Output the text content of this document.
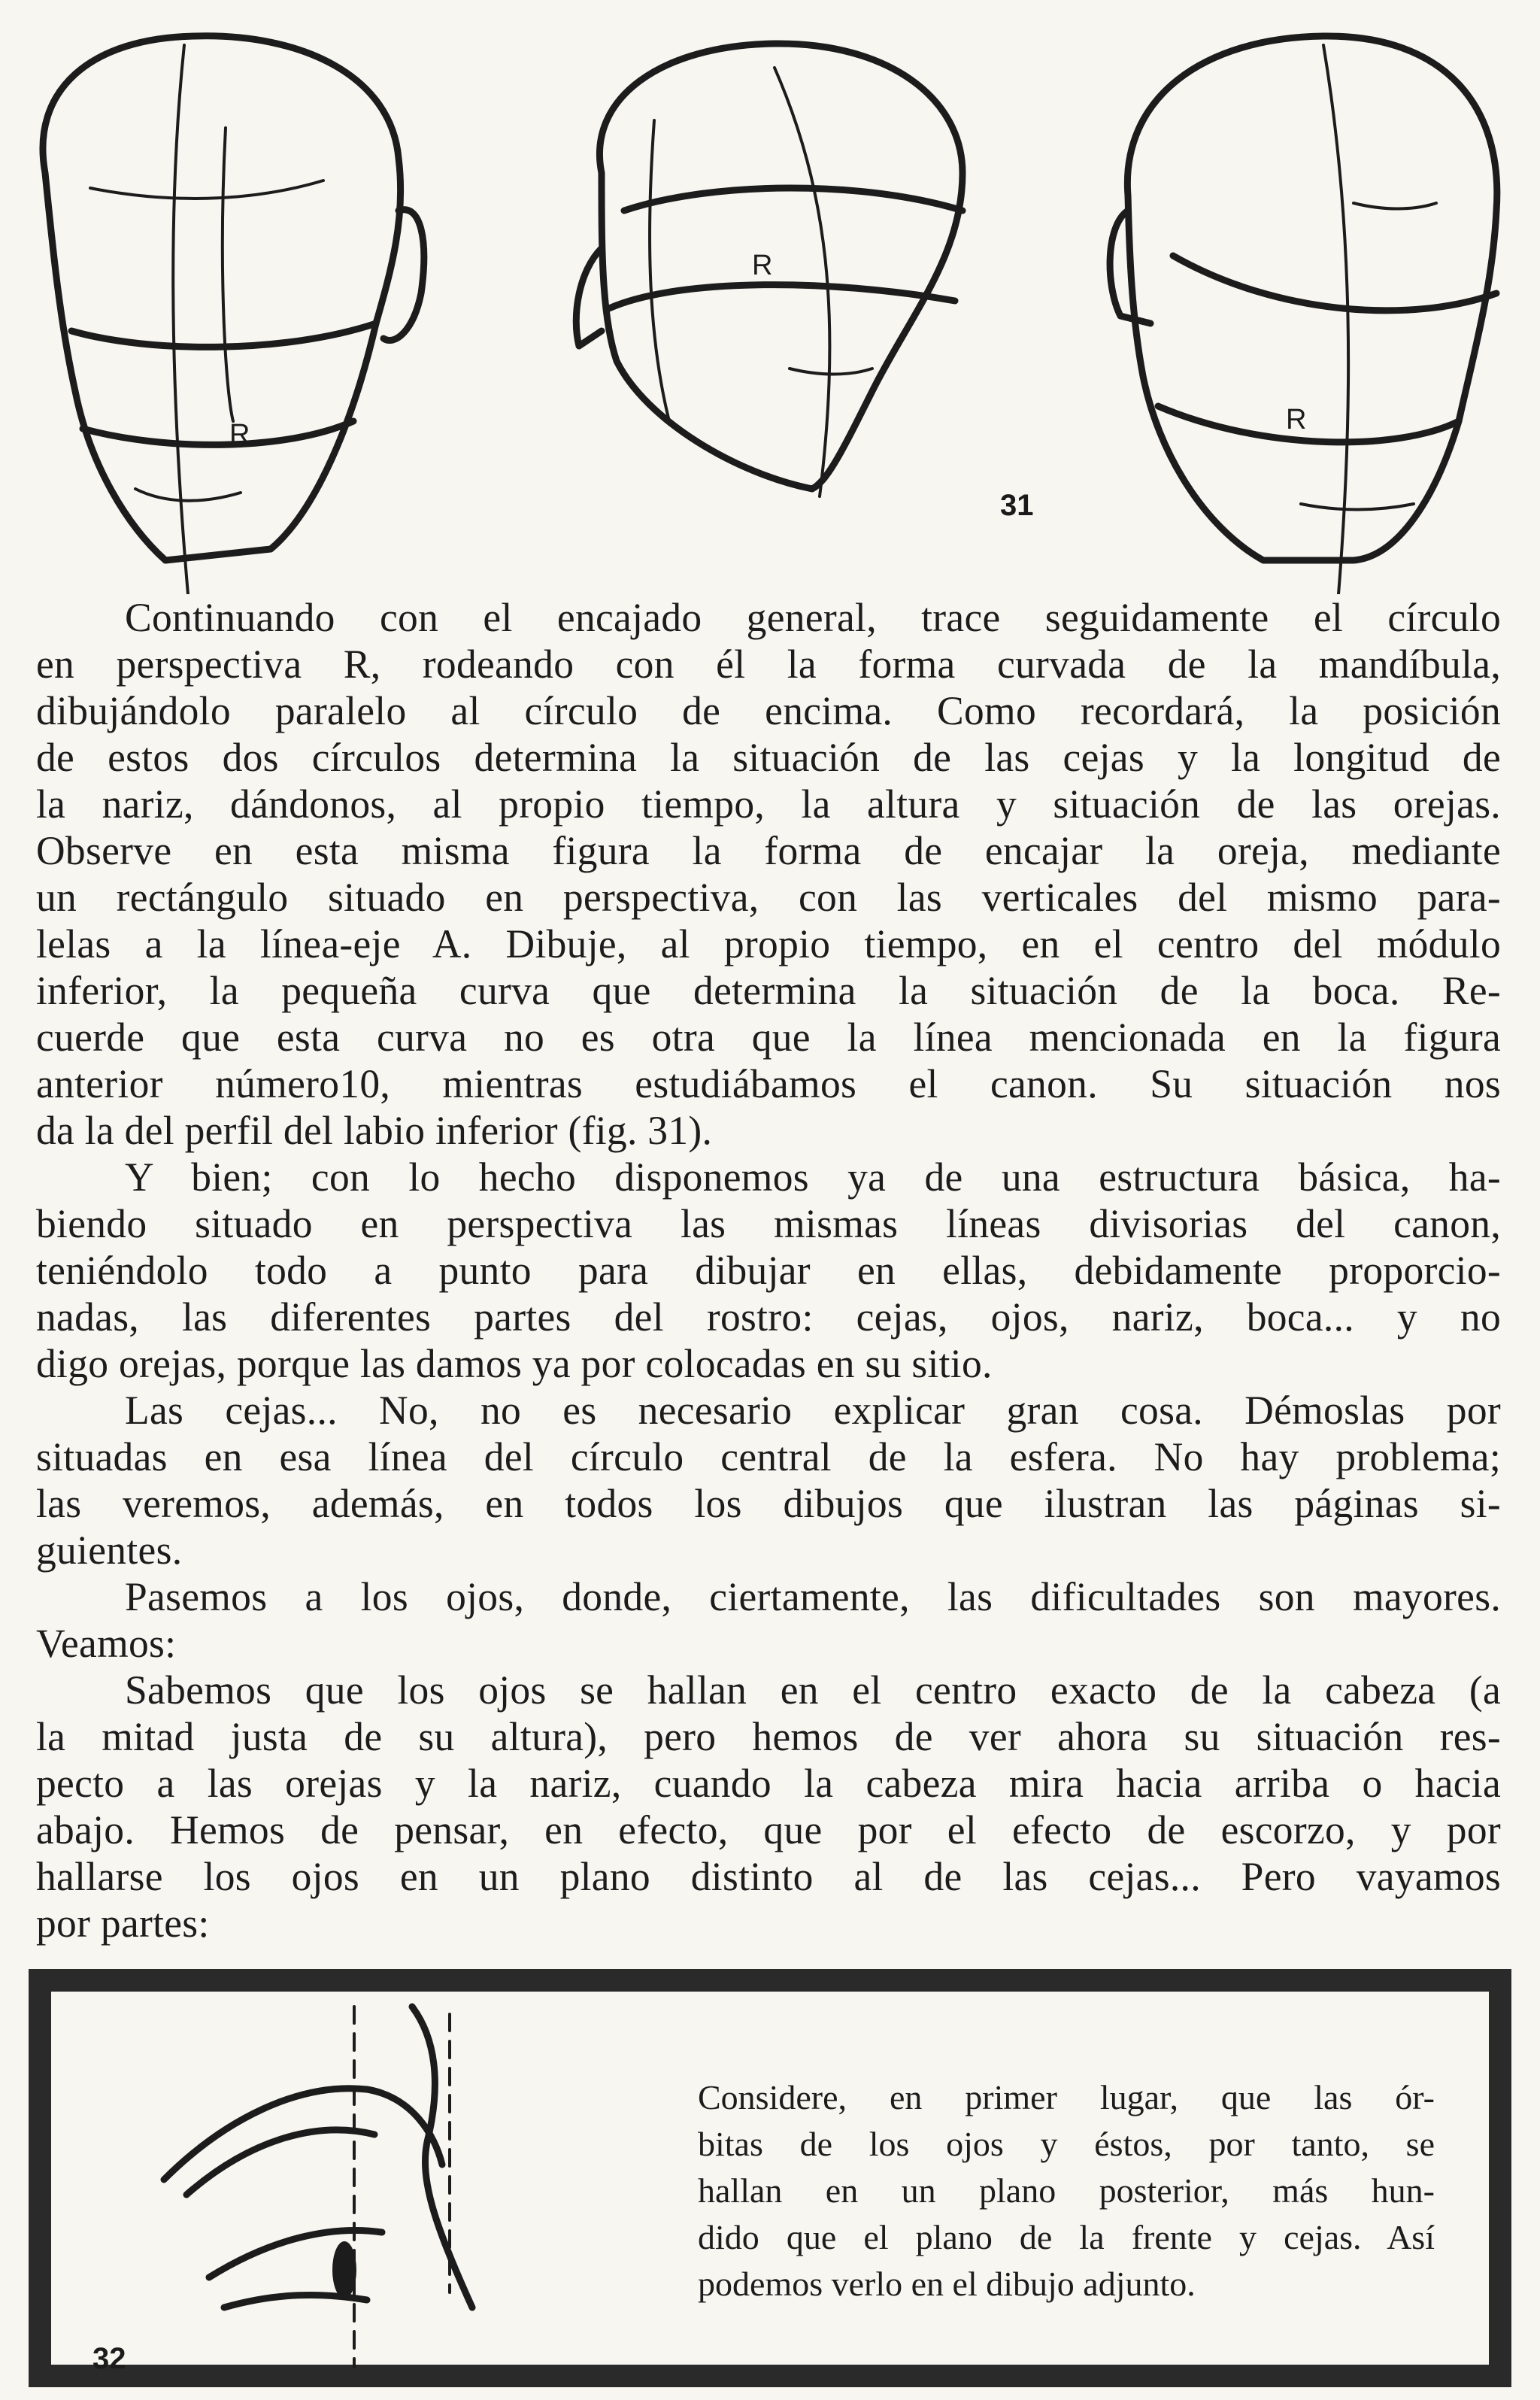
R
R
R
31

Continuando con el encajado general, trace seguidamente el círculo
en perspectiva R, rodeando con él la forma curvada de la mandíbula,
dibujándolo paralelo al círculo de encima. Como recordará, la posición
de estos dos círculos determina la situación de las cejas y la longitud de
la nariz, dándonos, al propio tiempo, la altura y situación de las orejas.
Observe en esta misma figura la forma de encajar la oreja, mediante
un rectángulo situado en perspectiva, con las verticales del mismo para-
lelas a la línea-eje A. Dibuje, al propio tiempo, en el centro del módulo
inferior, la pequeña curva que determina la situación de la boca. Re-
cuerde que esta curva no es otra que la línea mencionada en la figura
anterior número10, mientras estudiábamos el canon. Su situación nos
da la del perfil del labio inferior (fig. 31).

Y bien; con lo hecho disponemos ya de una estructura básica, ha-
biendo situado en perspectiva las mismas líneas divisorias del canon,
teniéndolo todo a punto para dibujar en ellas, debidamente proporcio-
nadas, las diferentes partes del rostro: cejas, ojos, nariz, boca... y no
digo orejas, porque las damos ya por colocadas en su sitio.

Las cejas... No, no es necesario explicar gran cosa. Démoslas por
situadas en esa línea del círculo central de la esfera. No hay problema;
las veremos, además, en todos los dibujos que ilustran las páginas si-
guientes.

Pasemos a los ojos, donde, ciertamente, las dificultades son mayores.
Veamos:

Sabemos que los ojos se hallan en el centro exacto de la cabeza (a
la mitad justa de su altura), pero hemos de ver ahora su situación res-
pecto a las orejas y la nariz, cuando la cabeza mira hacia arriba o hacia
abajo. Hemos de pensar, en efecto, que por el efecto de escorzo, y por
hallarse los ojos en un plano distinto al de las cejas... Pero vayamos
por partes:

Considere, en primer lugar, que las ór-
bitas de los ojos y éstos, por tanto, se
hallan en un plano posterior, más hun-
dido que el plano de la frente y cejas. Así
podemos verlo en el dibujo adjunto.
32
